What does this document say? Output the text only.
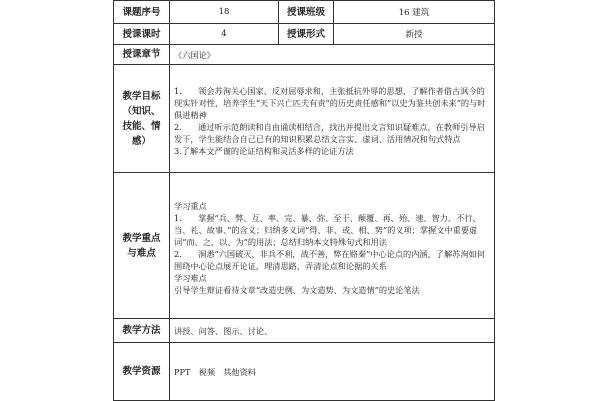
课题序号	18	授课班级	16 建筑
授课课时	4	授课形式	新授
授课章节	《六国论》		
教学目标（知识、技能、情感）	1.　　领会苏洵关心国家、反对屈辱求和，主张抵抗外辱的思想，了解作者借古讽今的现实针对性，培养学生“天下兴亡匹夫有责”的历史责任感和“以史为鉴共创未来”的与时俱进精神
2.　　通过听示范朗读和自由诵读相结合，找出并提出文言知识疑难点，在教师引导启发下，学生能结合自己已有的知识积累总结文言实、虚词、活用情况和句式特点
3.了解本文严谨的论证结构和灵活多样的论证方法		

教学重点与难点	学习重点
1.　　掌握“兵、弊、互、率、完、暴、弥、至于、颠覆、再、殆、速、智力、不行、当、礼、故事、”的含义；归纳多义词“得、非、或、相、势”的义项；掌握文中重要虚词“而、之、以、为”的用法；总结归纳本文特殊句式和用法
2.　　洞悉“六国破灭，非兵不利，战不善，弊在赂秦”中心论点的内涵，了解苏洵如何围绕中心论点展开论证，理清思路，弄清论点和论据的关系
学习难点
引导学生辩证看待文章“改造史例、为文造势、为文造情”的史论笔法		

教学方法	讲授、问答、图示、讨论、		
教学资源	PPT　视频　其他资料		
